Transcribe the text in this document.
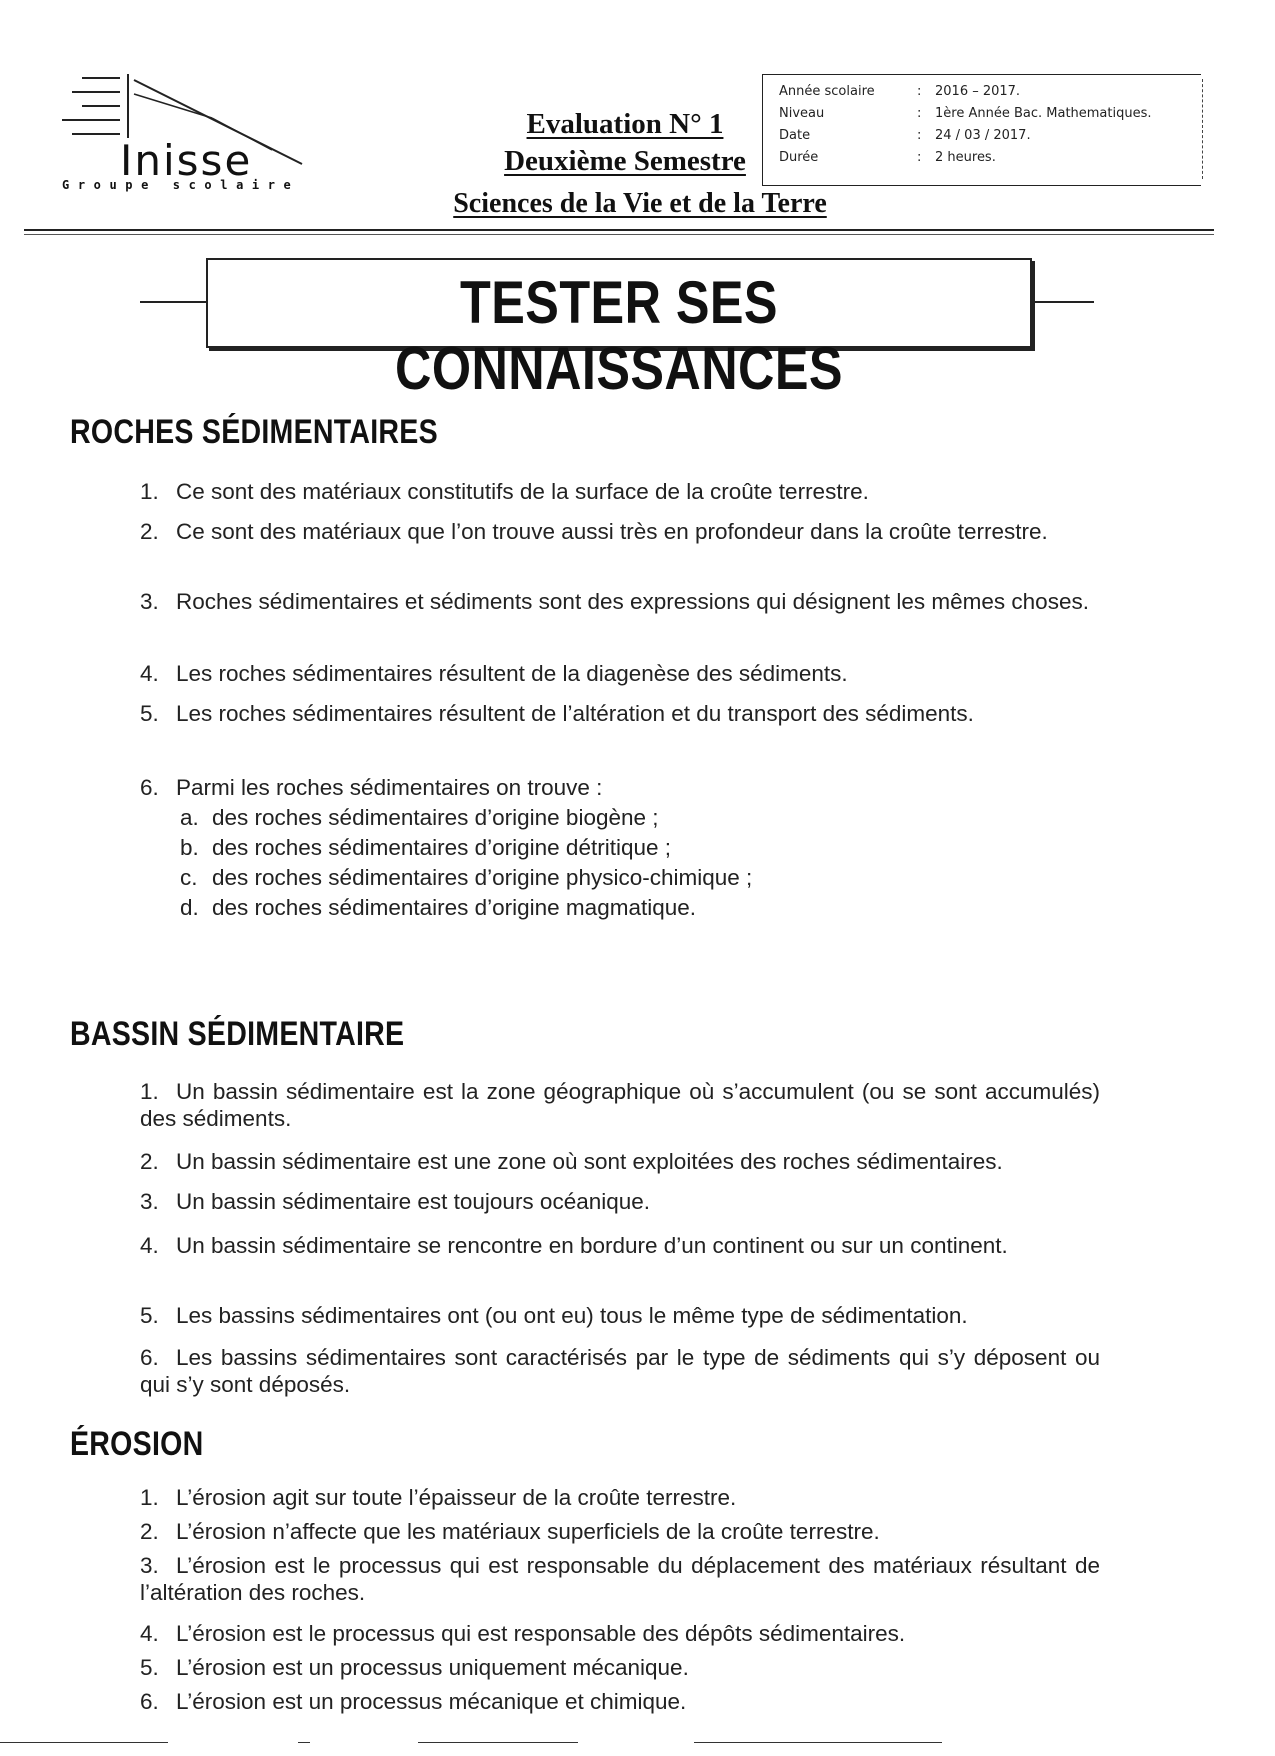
Inisse
Groupe scolaire
Evaluation N° 1
Deuxième Semestre
Sciences de la Vie et de la Terre
Année scolaire	: 2016 – 2017.
Niveau	: 1ère Année Bac. Mathematiques.
Date	: 24 / 03 / 2017.
Durée	: 2 heures.
TESTER SES CONNAISSANCES
ROCHES SÉDIMENTAIRES
1. Ce sont des matériaux constitutifs de la surface de la croûte terrestre.
2. Ce sont des matériaux que l’on trouve aussi très en profondeur dans la croûte terrestre.
3. Roches sédimentaires et sédiments sont des expressions qui désignent les mêmes choses.
4. Les roches sédimentaires résultent de la diagenèse des sédiments.
5. Les roches sédimentaires résultent de l’altération et du transport des sédiments.
6. Parmi les roches sédimentaires on trouve :
a. des roches sédimentaires d’origine biogène ;
b. des roches sédimentaires d’origine détritique ;
c. des roches sédimentaires d’origine physico-chimique ;
d. des roches sédimentaires d’origine magmatique.
BASSIN SÉDIMENTAIRE
1. Un bassin sédimentaire est la zone géographique où s’accumulent (ou se sont accumulés) des sédiments.
2. Un bassin sédimentaire est une zone où sont exploitées des roches sédimentaires.
3. Un bassin sédimentaire est toujours océanique.
4. Un bassin sédimentaire se rencontre en bordure d’un continent ou sur un continent.
5. Les bassins sédimentaires ont (ou ont eu) tous le même type de sédimentation.
6. Les bassins sédimentaires sont caractérisés par le type de sédiments qui s’y déposent ou qui s’y sont déposés.
ÉROSION
1. L’érosion agit sur toute l’épaisseur de la croûte terrestre.
2. L’érosion n’affecte que les matériaux superficiels de la croûte terrestre.
3. L’érosion est le processus qui est responsable du déplacement des matériaux résultant de l’altération des roches.
4. L’érosion est le processus qui est responsable des dépôts sédimentaires.
5. L’érosion est un processus uniquement mécanique.
6. L’érosion est un processus mécanique et chimique.
